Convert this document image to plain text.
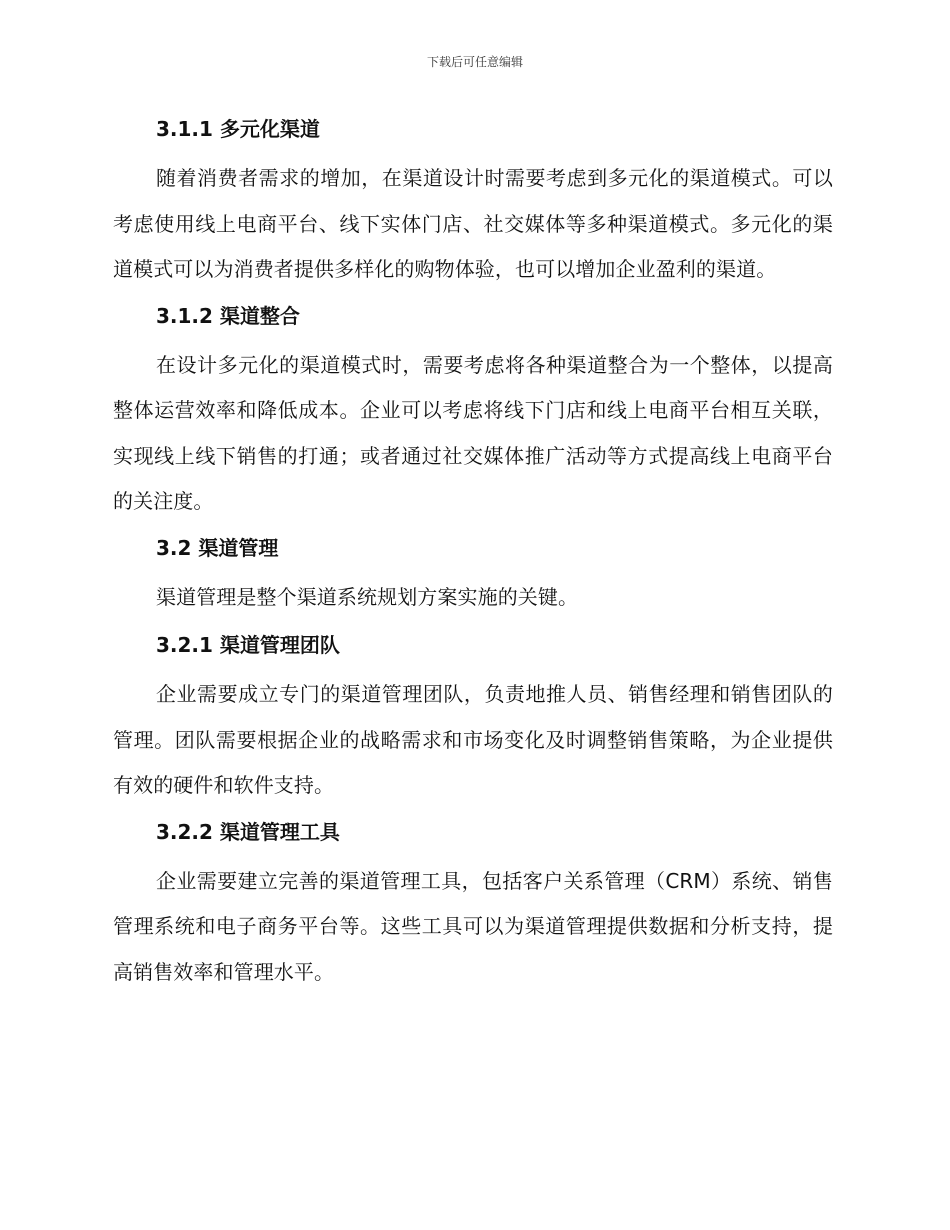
下载后可任意编辑
3.1.1 多元化渠道

随着消费者需求的增加，在渠道设计时需要考虑到多元化的渠道模式。可以考虑使用线上电商平台、线下实体门店、社交媒体等多种渠道模式。多元化的渠道模式可以为消费者提供多样化的购物体验，也可以增加企业盈利的渠道。

3.1.2 渠道整合

在设计多元化的渠道模式时，需要考虑将各种渠道整合为一个整体，以提高整体运营效率和降低成本。企业可以考虑将线下门店和线上电商平台相互关联，实现线上线下销售的打通；或者通过社交媒体推广活动等方式提高线上电商平台的关注度。

3.2 渠道管理

渠道管理是整个渠道系统规划方案实施的关键。

3.2.1 渠道管理团队

企业需要成立专门的渠道管理团队，负责地推人员、销售经理和销售团队的管理。团队需要根据企业的战略需求和市场变化及时调整销售策略，为企业提供有效的硬件和软件支持。

3.2.2 渠道管理工具

企业需要建立完善的渠道管理工具，包括客户关系管理（CRM）系统、销售管理系统和电子商务平台等。这些工具可以为渠道管理提供数据和分析支持，提高销售效率和管理水平。
